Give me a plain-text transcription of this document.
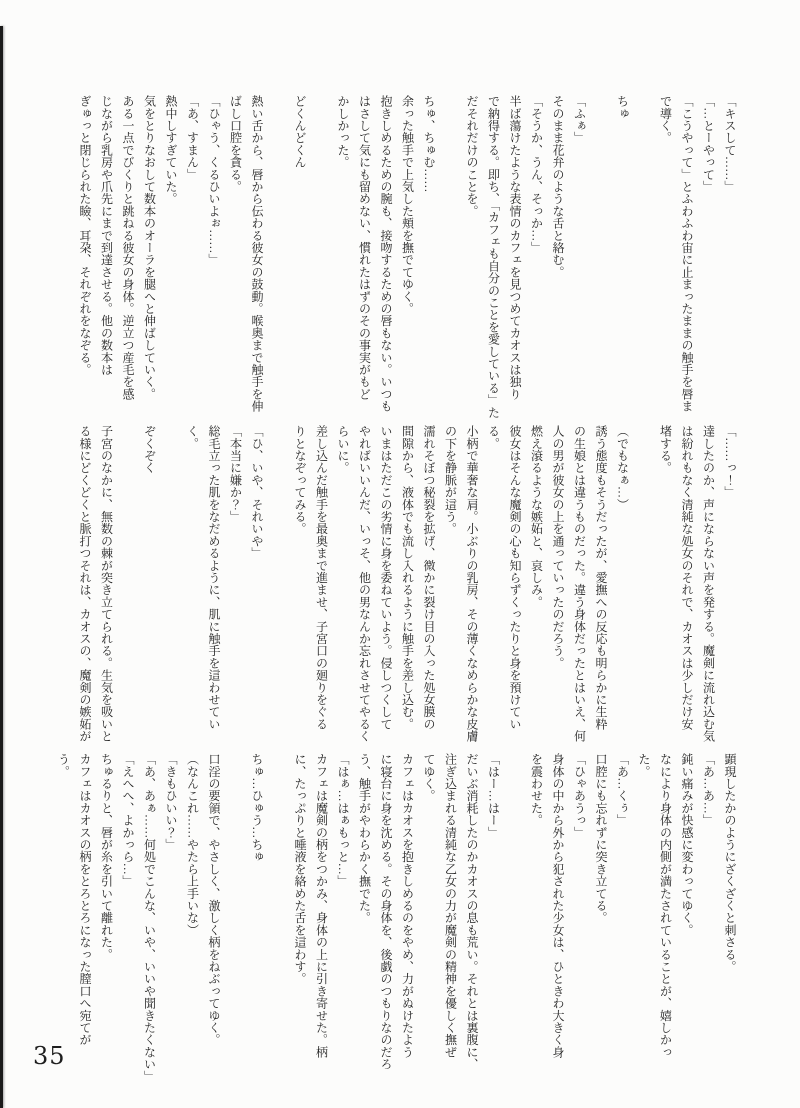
「キスして……」
「…とーやって」
「こうやって」とふわふわ宙に止まったままの触手を唇ま
で導く。
ちゅ
「ふぁ」
そのまま花弁のような舌と絡む。
「そうか、うん、そっか…」
半ば蕩けたような表情のカフェを見つめてカオスは独り
で納得する。即ち、「カフェも自分のことを愛している」た
だそれだけのことを。
ちゅ、ちゅむ……
余った触手で上気した頬を撫でてゆく。
抱きしめるための腕も、接吻するための唇もない。いつも
はさして気にも留めない、慣れたはずのその事実がもど
かしかった。
どくんどくん
熱い舌から、唇から伝わる彼女の鼓動。喉奥まで触手を伸
ばし口腔を貪る。
「ひゃう、くるひいよぉ……」
「あ、すまん」
熱中しすぎていた。
気をとりなおして数本のオーラを腿へと伸ばしていく。
ある一点でびくりと跳ねる彼女の身体。逆立つ産毛を感
じながら乳房や爪先にまで到達させる。他の数本は
ぎゅっと閉じられた瞼、耳朶、それぞれをなぞる。
「……っ！」
達したのか、声にならない声を発する。魔剣に流れ込む気
は紛れもなく清純な処女のそれで、カオスは少しだけ安
堵する。
（でもなぁ…）
誘う態度もそうだったが、愛撫への反応も明らかに生粋
の生娘とは違うものだった。違う身体だったとはいえ、何
人の男が彼女の上を通っていったのだろう。
燃え滾るような嫉妬と、哀しみ。
彼女はそんな魔剣の心も知らずくったりと身を預けてい
る。
小柄で華奢な肩。小ぶりの乳房、その薄くなめらかな皮膚
の下を静脈が這う。
濡れそぼつ秘裂を拡げ、微かに裂け目の入った処女膜の
間隙から、液体でも流し入れるように触手を差し込む。
いまはただこの劣情に身を委ねていよう。侵しつくして
やればいいんだ、いっそ、他の男なんか忘れさせてやるく
らいに。
差し込んだ触手を最奥まで進ませ、子宮口の廻りをぐる
りとなぞってみる。
「ひ、いや、それいや」
「本当に嫌か？」
総毛立った肌をなだめるように、肌に触手を這わせてい
く。
ぞくぞく
子宮のなかに、無数の棘が突き立てられる。生気を吸いと
る様にどくどくと脈打つそれは、カオスの、魔剣の嫉妬が
顕現したかのようにざくざくと刺さる。
「あ…あ…」
鈍い痛みが快感に変わってゆく。
なにより身体の内側が満たされていることが、嬉しかっ
た。
「あ…くぅ」
口腔にも忘れずに突き立てる。
「ひゃあうっ」
身体の中から外から犯された少女は、ひときわ大きく身
を震わせた。
「はー…はー」
だいぶ消耗したのかカオスの息も荒い。それとは裏腹に、
注ぎ込まれる清純な乙女の力が魔剣の精神を優しく撫ぜ
てゆく。
カフェはカオスを抱きしめるのをやめ、力がぬけたよう
に寝台に身を沈める。その身体を、後戯のつもりなのだろ
う、触手がやわらかく撫でた。
「はぁ…はぁもっと…」
カフェは魔剣の柄をつかみ、身体の上に引き寄せた。柄
に、たっぷりと唾液を絡めた舌を這わす。
ちゅ…ひゅう…ちゅ
口淫の要領で、やさしく、激しく柄をねぶってゆく。
（なんこれ……やたら上手いな）
「きもひいい？」
「あ、あぁ……何処でこんな、いや、いいや聞きたくない」
「えへへ、よかっら…」
ちゅるりと、唇が糸を引いて離れた。
カフェはカオスの柄をとろとろになった膣口へ宛てが
う。
35
